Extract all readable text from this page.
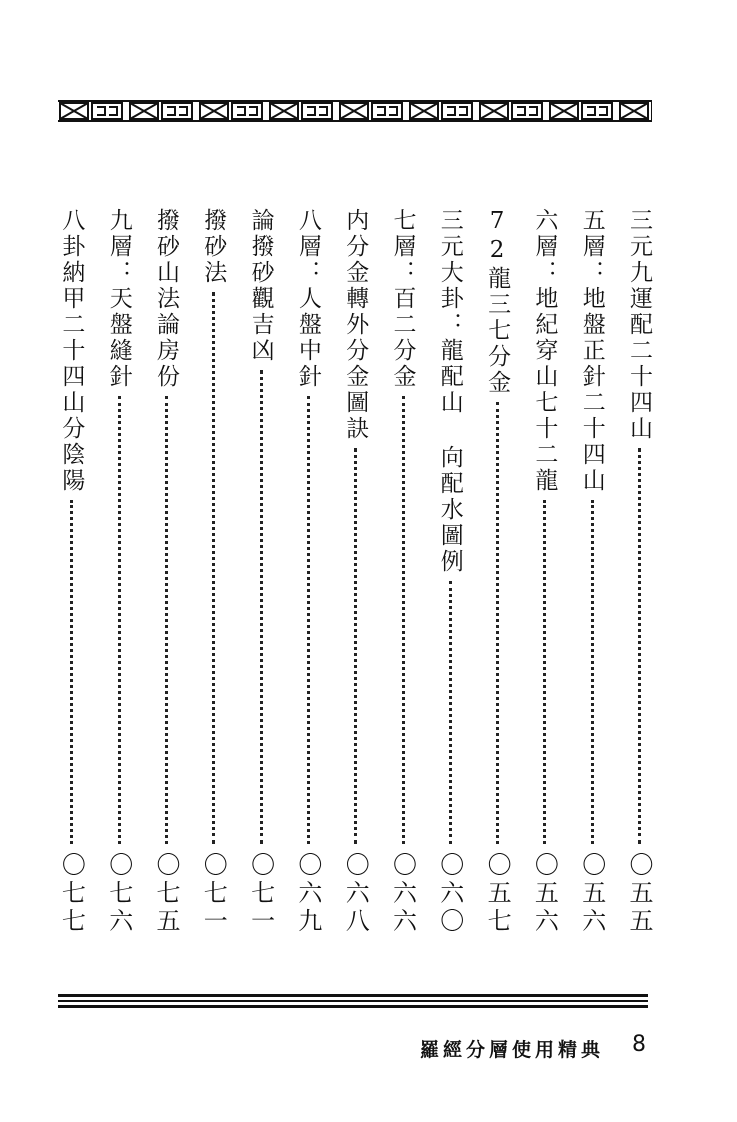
三元九運配二十四山
〇五五
五層：地盤正針二十四山
〇五六
六層：地紀穿山七十二龍
〇五六
72龍三七分金
〇五七
三元大卦：龍配山 向配水圖例
〇六〇
七層：百二分金
〇六六
内分金轉外分金圖訣
〇六八
八層：人盤中針
〇六九
論撥砂觀吉凶
〇七一
撥砂法
〇七一
撥砂山法論房份
〇七五
九層：天盤縫針
〇七六
八卦納甲二十四山分陰陽
〇七七
羅經分層使用精典 8
